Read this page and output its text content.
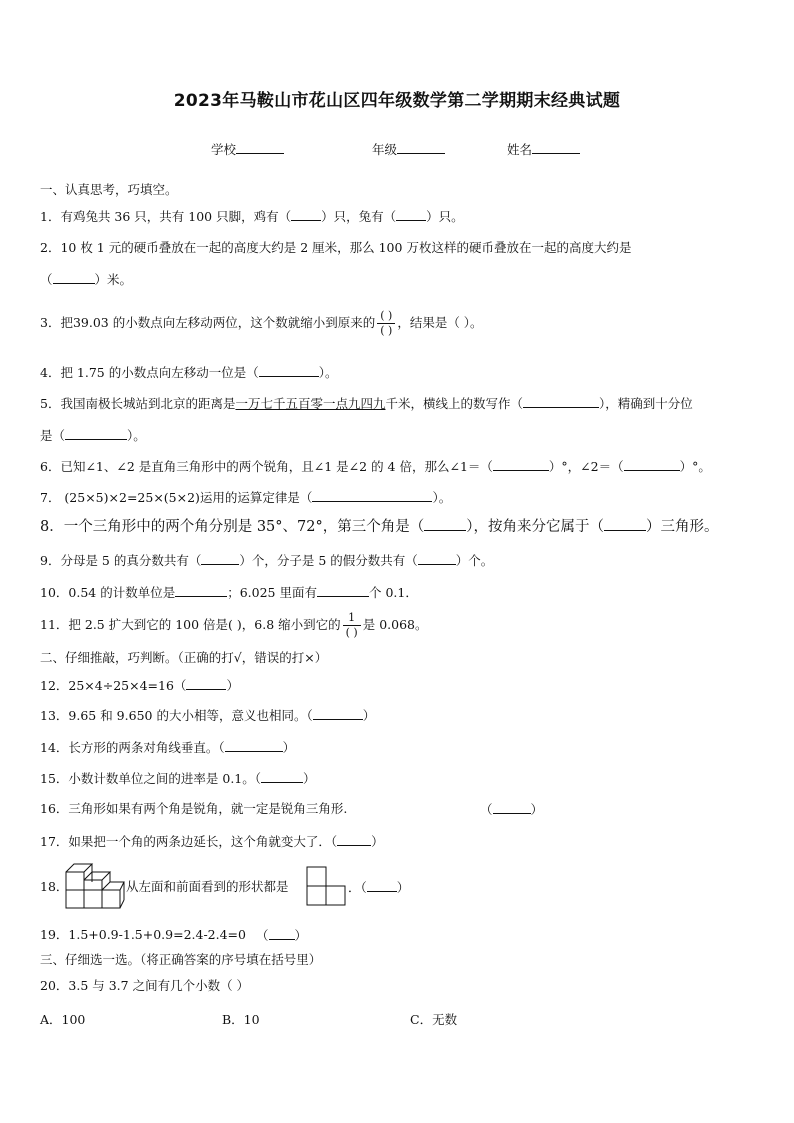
2023年马鞍山市花山区四年级数学第二学期期末经典试题
学校	年级	姓名
一、认真思考，巧填空。
1．有鸡兔共 36 只，共有 100 只脚，鸡有（ ）只，兔有（ ）只。
2．10 枚 1 元的硬币叠放在一起的高度大约是 2 厘米，那么 100 万枚这样的硬币叠放在一起的高度大约是
（	）米。
3．把39.03 的小数点向左移动两位，这个数就缩小到原来的 $\frac{( )}{( )}$ ，结果是（ ）。
4．把 1.75 的小数点向左移动一位是（	）。
5．我国南极长城站到北京的距离是一万七千五百零一点九四九千米，横线上的数写作（	），精确到十分位
是（	）。
6．已知∠1、∠2 是直角三角形中的两个锐角，且∠1 是∠2 的 4 倍，那么∠1＝（	）°，∠2＝（	）°。
7． (25×5)×2=25×(5×2)运用的运算定律是（	）。
8．一个三角形中的两个角分别是 35°、72°，第三个角是（	），按角来分它属于（	）三角形。
9．分母是 5 的真分数共有（	）个，分子是 5 的假分数共有（	）个。
10．0.54 的计数单位是	；6.025 里面有	个 0.1．
11．把 2.5 扩大到它的 100 倍是( )，6.8 缩小到它的 $\frac{1}{( )}$ 是 0.068。
二、仔细推敲，巧判断。（正确的打√，错误的打×）
12．25×4÷25×4=16（	）
13．9.65 和 9.650 的大小相等，意义也相同。（	）
14．长方形的两条对角线垂直。（	）
15．小数计数单位之间的进率是 0.1。（	）
16．三角形如果有两个角是锐角，就一定是锐角三角形.	（	）
17．如果把一个角的两条边延长，这个角就变大了．（	）
18．	从左面和前面看到的形状都是	．（ ）
19．1.5+0.9-1.5+0.9=2.4-2.4=0 （ ）
三、仔细选一选。（将正确答案的序号填在括号里）
20．3.5 与 3.7 之间有几个小数（ ）
A．100	B．10	C．无数
